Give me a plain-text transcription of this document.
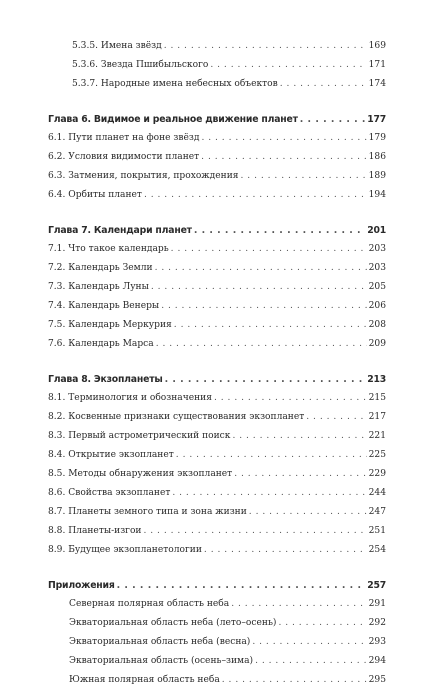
5.3.5. Имена звёзд . . .	169
5.3.6. Звезда Пшибыльского . . .	171
5.3.7. Народные имена небесных объектов . . .	174
Глава 6. Видимое и реальное движение планет . . .	177
6.1. Пути планет на фоне звёзд . . .	179
6.2. Условия видимости планет . . .	186
6.3. Затмения, покрытия, прохождения . . .	189
6.4. Орбиты планет . . .	194
Глава 7. Календари планет . . .	201
7.1. Что такое календарь . . .	203
7.2. Календарь Земли . . .	203
7.3. Календарь Луны . . .	205
7.4. Календарь Венеры . . .	206
7.5. Календарь Меркурия . . .	208
7.6. Календарь Марса . . .	209
Глава 8. Экзопланеты . . .	213
8.1. Терминология и обозначения . . .	215
8.2. Косвенные признаки существования экзопланет . . .	217
8.3. Первый астрометрический поиск . . .	221
8.4. Открытие экзопланет . . .	225
8.5. Методы обнаружения экзопланет . . .	229
8.6. Свойства экзопланет . . .	244
8.7. Планеты земного типа и зона жизни . . .	247
8.8. Планеты-изгои . . .	251
8.9. Будущее экзопланетологии . . .	254
Приложения . . .	257
Северная полярная область неба . . .	291
Экваториальная область неба (лето–осень) . . .	292
Экваториальная область неба (весна) . . .	293
Экваториальная область (осень–зима) . . .	294
Южная полярная область неба . . .	295
